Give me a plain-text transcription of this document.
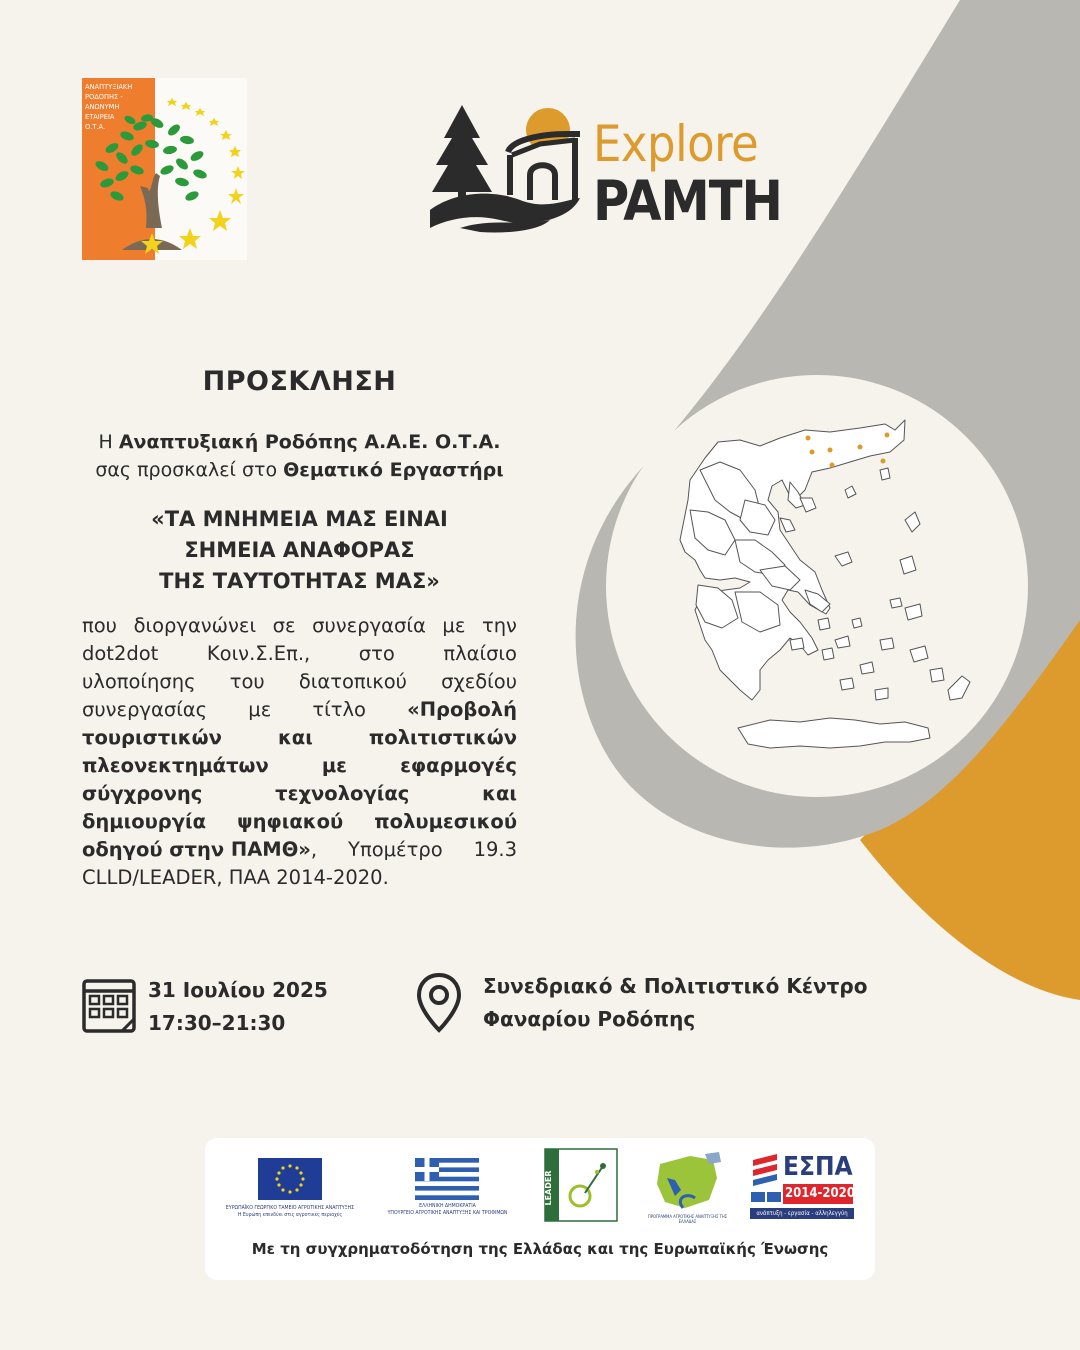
ΑΝΑΠΤΥΞΙΑΚΗ
ΡΟΔΟΠΗΣ -
ΑΝΩΝΥΜΗ
ΕΤΑΙΡΕΙΑ
Ο.Τ.Α.	Explore
PAMTH
ΠΡΟΣΚΛΗΣΗ
Η Αναπτυξιακή Ροδόπης Α.Α.Ε. Ο.Τ.Α.
σας προσκαλεί στο Θεματικό Εργαστήρι
«ΤΑ ΜΝΗΜΕΙΑ ΜΑΣ ΕΙΝΑΙ
ΣΗΜΕΙΑ ΑΝΑΦΟΡΑΣ
ΤΗΣ ΤΑΥΤΟΤΗΤΑΣ ΜΑΣ»
που διοργανώνει σε συνεργασία με την
dot2dot Κοιν.Σ.Επ., στο πλαίσιο
υλοποίησης του διατοπικού σχεδίου
συνεργασίας με τίτλο «Προβολή
τουριστικών	και	πολιτιστικών
πλεονεκτημάτων	με	εφαρμογές
σύγχρονης	τεχνολογίας	και
δημιουργία ψηφιακού πολυμεσικού
οδηγού στην ΠΑΜΘ», Υπομέτρο 19.3
CLLD/LEADER, ΠΑΑ 2014-2020.
31 Ιουλίου 2025
17:30–21:30
Συνεδριακό & Πολιτιστικό Κέντρο
Φαναρίου Ροδόπης
LEADER
ΕΥΡΩΠΑΪΚΟ ΓΕΩΡΓΙΚΟ ΤΑΜΕΙΟ ΑΓΡΟΤΙΚΗΣ ΑΝΑΠΤΥΞΗΣ
Η Ευρώπη επενδύει στις αγροτικές περιοχές
ΕΛΛΗΝΙΚΗ ΔΗΜΟΚΡΑΤΙΑ
ΥΠΟΥΡΓΕΙΟ ΑΓΡΟΤΙΚΗΣ ΑΝΑΠΤΥΞΗΣ ΚΑΙ ΤΡΟΦΙΜΩΝ
ΠΡΟΓΡΑΜΜΑ ΑΓΡΟΤΙΚΗΣ ΑΝΑΠΤΥΞΗΣ ΤΗΣ ΕΛΛΑΔΑΣ
ΕΣΠΑ
2014-2020
ανάπτυξη - εργασία - αλληλεγγύη
Με τη συγχρηματοδότηση της Ελλάδας και της Ευρωπαϊκής Ένωσης
